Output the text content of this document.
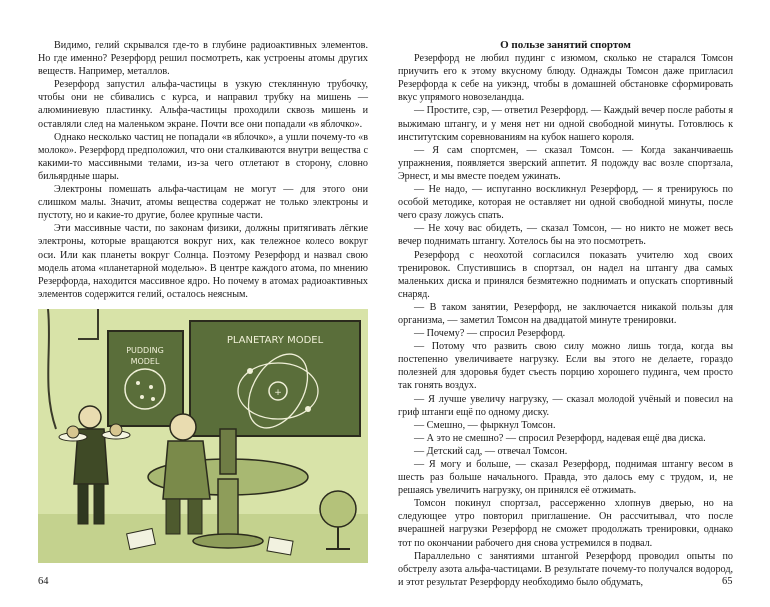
Видимо, гелий скрывался где-то в глубине радиоактивных элементов. Но где именно? Резерфорд решил посмотреть, как устроены атомы других веществ. Например, металлов.

Резерфорд запустил альфа-частицы в узкую стеклянную трубочку, чтобы они не сбивались с курса, и направил трубку на мишень — алюминиевую пластинку. Альфа-частицы проходили сквозь мишень и оставляли след на маленьком экране. Почти все они попадали «в яблочко».

Однако несколько частиц не попадали «в яблочко», а ушли почему-то «в молоко». Резерфорд предположил, что они сталкиваются внутри вещества с какими-то массивными телами, из-за чего отлетают в сторону, словно бильярдные шары.

Электроны помешать альфа-частицам не могут — для этого они слишком малы. Значит, атомы вещества содержат не только электроны и пустоту, но и какие-то другие, более крупные части.

Эти массивные части, по законам физики, должны притягивать лёгкие электроны, которые вращаются вокруг них, как тележное колесо вокруг оси. Или как планеты вокруг Солнца. Поэтому Резерфорд и назвал свою модель атома «планетарной моделью». В центре каждого атома, по мнению Резерфорда, находится массивное ядро. Но почему в атомах радиоактивных элементов содержится гелий, осталось неясным.

PUDDING
MODEL
PLANETARY MODEL
+
64

О пользе занятий спортом

Резерфорд не любил пудинг с изюмом, сколько не старался Томсон приучить его к этому вкусному блюду. Однажды Томсон даже пригласил Резерфорда к себе на уикэнд, чтобы в домашней обстановке сформировать вкус упрямого новозеландца.

— Простите, сэр, — ответил Резерфорд. — Каждый вечер после работы я выжимаю штангу, и у меня нет ни одной свободной минуты. Готовлюсь к институтским соревнованиям на кубок нашего короля.

— Я сам спортсмен, — сказал Томсон. — Когда заканчиваешь упражнения, появляется зверский аппетит. Я подожду вас возле спортзала, Эрнест, и мы вместе поедем ужинать.

— Не надо, — испуганно воскликнул Резерфорд, — я тренируюсь по особой методике, которая не оставляет ни одной свободной минуты, после чего сразу ложусь спать.

— Не хочу вас обидеть, — сказал Томсон, — но никто не может весь вечер поднимать штангу. Хотелось бы на это посмотреть.

Резерфорд с неохотой согласился показать учителю ход своих тренировок. Спустившись в спортзал, он надел на штангу два самых маленьких диска и принялся безмятежно поднимать и опускать спортивный снаряд.

— В таком занятии, Резерфорд, не заключается никакой пользы для организма, — заметил Томсон на двадцатой минуте тренировки.

— Почему? — спросил Резерфорд.

— Потому что развить свою силу можно лишь тогда, когда вы постепенно увеличиваете нагрузку. Если вы этого не делаете, гораздо полезней для здоровья будет съесть порцию хорошего пудинга, чем просто так гонять воздух.

— Я лучше увеличу нагрузку, — сказал молодой учёный и повесил на гриф штанги ещё по одному диску.

— Смешно, — фыркнул Томсон.

— А это не смешно? — спросил Резерфорд, надевая ещё два диска.

— Детский сад, — отвечал Томсон.

— Я могу и больше, — сказал Резерфорд, поднимая штангу весом в шесть раз больше начального. Правда, это далось ему с трудом, и, не решаясь увеличить нагрузку, он принялся её отжимать.

Томсон покинул спортзал, рассерженно хлопнув дверью, но на следующее утро повторил приглашение. Он рассчитывал, что после вчерашней нагрузки Резерфорд не сможет продолжать тренировки, однако тот по окончании рабочего дня снова устремился в подвал.

Параллельно с занятиями штангой Резерфорд проводил опыты по обстрелу азота альфа-частицами. В результате почему-то получался водород, и этот результат Резерфорду необходимо было обдумать,	65
